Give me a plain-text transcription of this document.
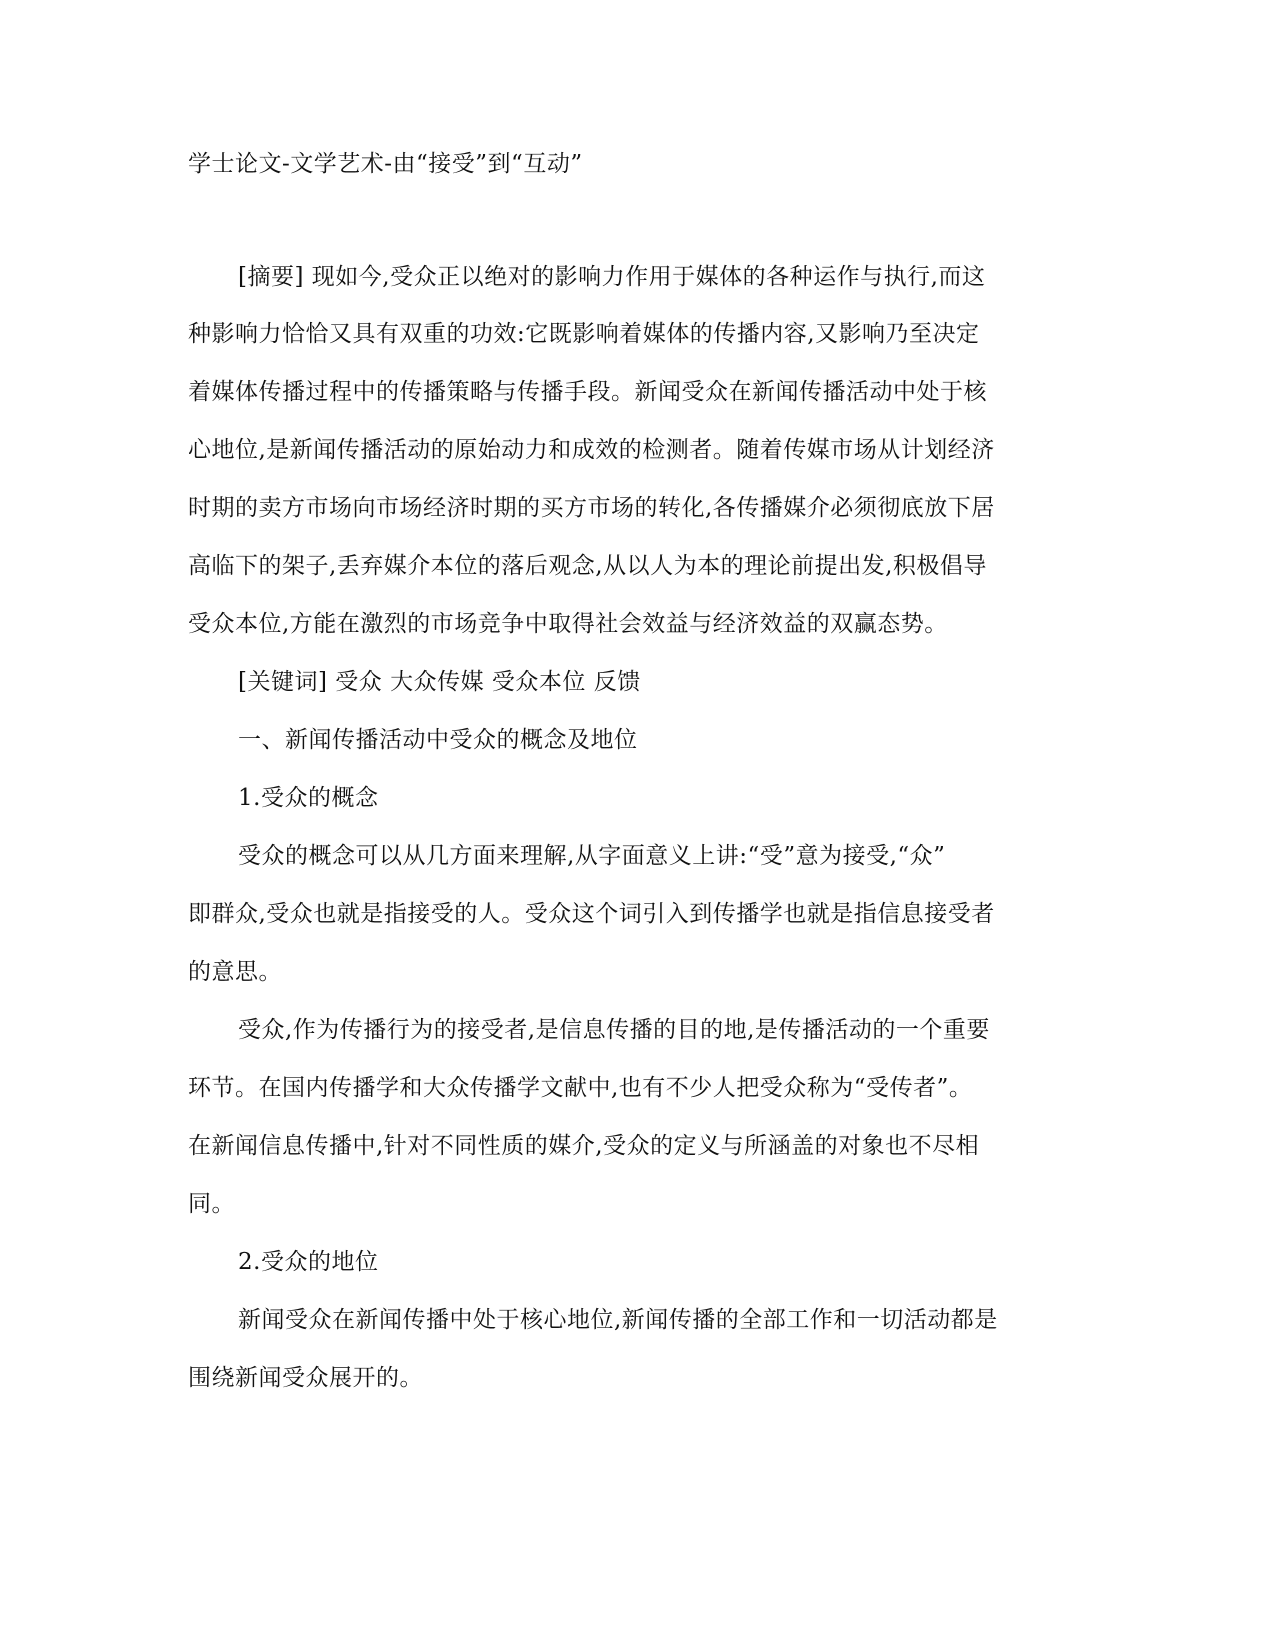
学士论文-文学艺术-由“接受”到“互动”
[摘要] 现如今,受众正以绝对的影响力作用于媒体的各种运作与执行,而这
种影响力恰恰又具有双重的功效:它既影响着媒体的传播内容,又影响乃至决定
着媒体传播过程中的传播策略与传播手段。新闻受众在新闻传播活动中处于核
心地位,是新闻传播活动的原始动力和成效的检测者。随着传媒市场从计划经济
时期的卖方市场向市场经济时期的买方市场的转化,各传播媒介必须彻底放下居
高临下的架子,丢弃媒介本位的落后观念,从以人为本的理论前提出发,积极倡导
受众本位,方能在激烈的市场竞争中取得社会效益与经济效益的双赢态势。
[关键词] 受众 大众传媒 受众本位 反馈
一、新闻传播活动中受众的概念及地位
1.受众的概念
受众的概念可以从几方面来理解,从字面意义上讲:“受”意为接受,“众”
即群众,受众也就是指接受的人。受众这个词引入到传播学也就是指信息接受者
的意思。
受众,作为传播行为的接受者,是信息传播的目的地,是传播活动的一个重要
环节。在国内传播学和大众传播学文献中,也有不少人把受众称为“受传者”。
在新闻信息传播中,针对不同性质的媒介,受众的定义与所涵盖的对象也不尽相
同。
2.受众的地位
新闻受众在新闻传播中处于核心地位,新闻传播的全部工作和一切活动都是
围绕新闻受众展开的。
